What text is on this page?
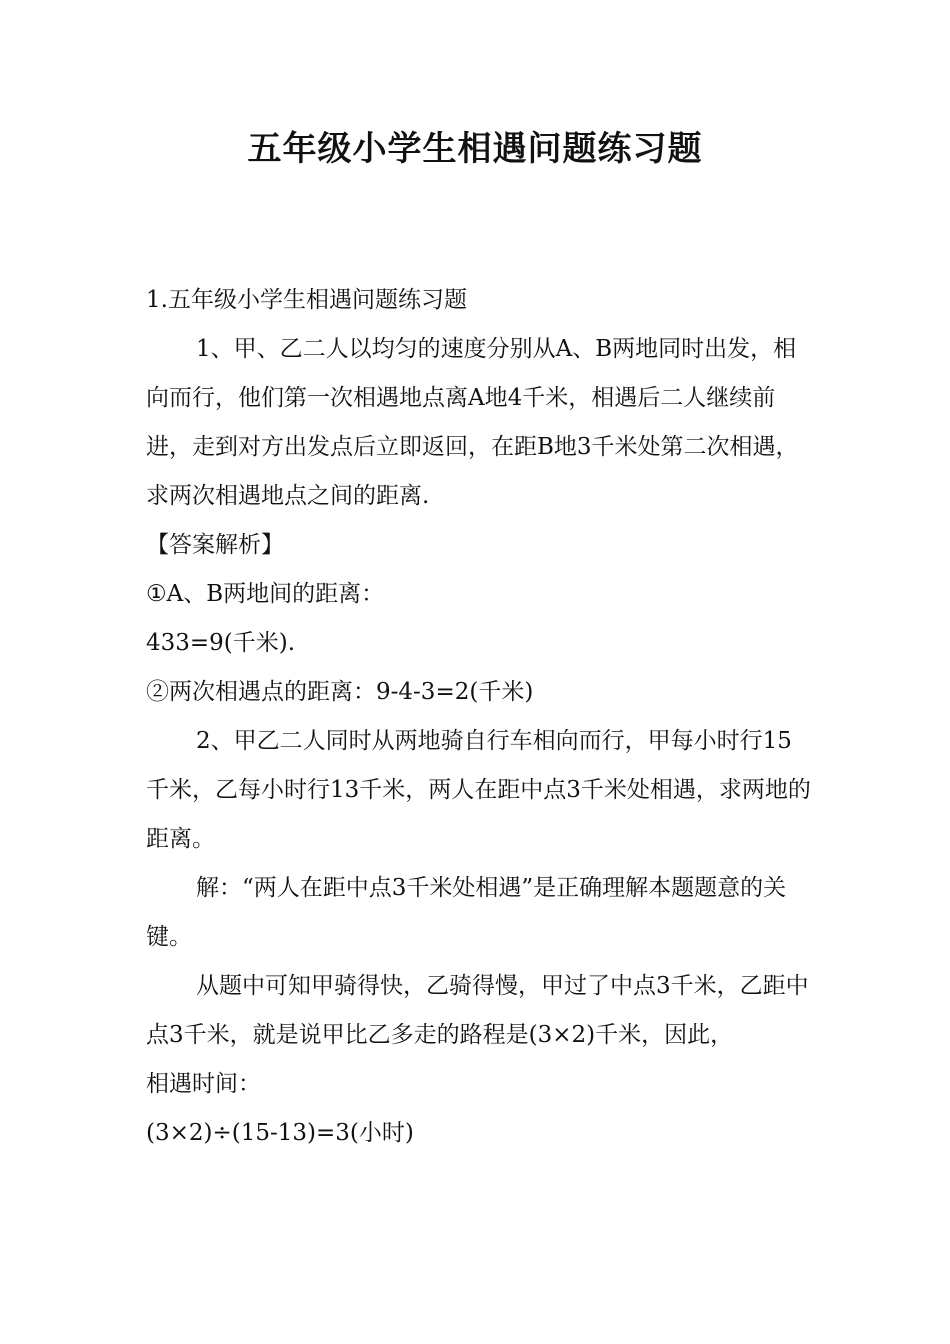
五年级小学生相遇问题练习题

1.五年级小学生相遇问题练习题

1、甲、乙二人以均匀的速度分别从A、B两地同时出发，相向而行，他们第一次相遇地点离A地4千米，相遇后二人继续前进，走到对方出发点后立即返回，在距B地3千米处第二次相遇，求两次相遇地点之间的距离.

【答案解析】

①A、B两地间的距离：

433=9(千米).

②两次相遇点的距离：9-4-3=2(千米)

2、甲乙二人同时从两地骑自行车相向而行，甲每小时行15千米，乙每小时行13千米，两人在距中点3千米处相遇，求两地的距离。

解：“两人在距中点3千米处相遇”是正确理解本题题意的关键。

从题中可知甲骑得快，乙骑得慢，甲过了中点3千米，乙距中点3千米，就是说甲比乙多走的路程是(3×2)千米，因此，

相遇时间：

(3×2)÷(15-13)=3(小时)
